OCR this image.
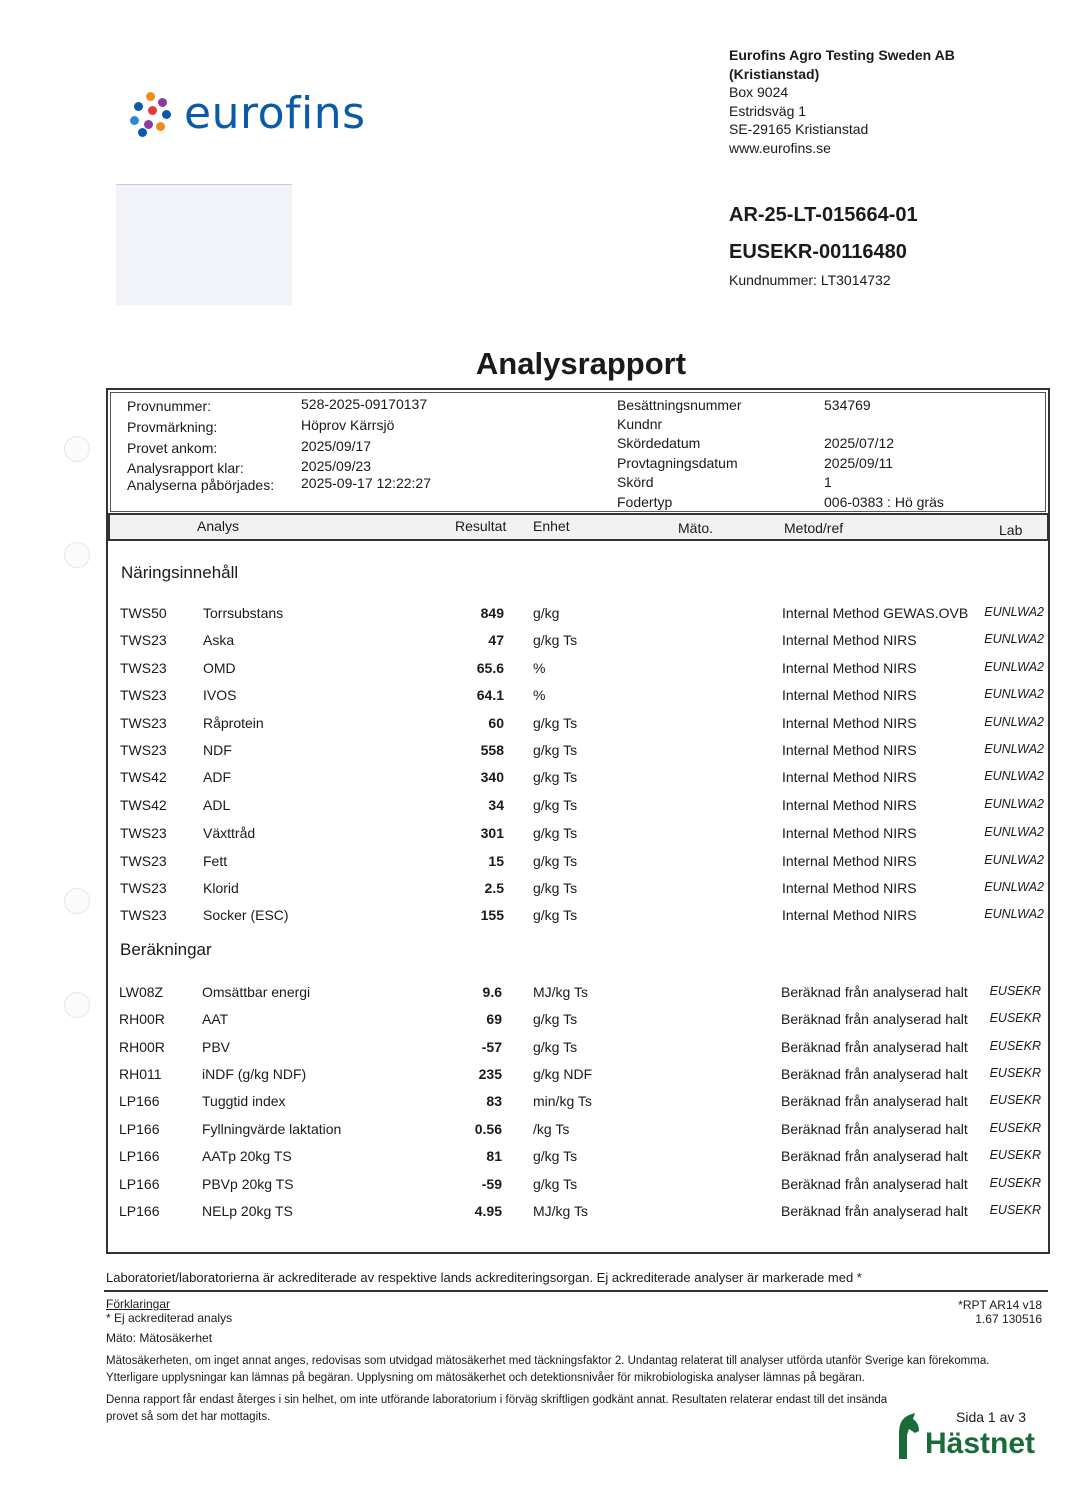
eurofins
Eurofins Agro Testing Sweden AB
(Kristianstad)
Box 9024
Estridsväg 1
SE-29165 Kristianstad
www.eurofins.se
AR-25-LT-015664-01
EUSEKR-00116480
Kundnummer: LT3014732
Analysrapport
Provnummer:	528-2025-09170137
Provmärkning:	Höprov Kärrsjö
Provet ankom:	2025/09/17
Analysrapport klar:	2025/09/23
Analyserna påbörjades: 2025-09-17 12:22:27
Besättningsnummer	534769
Kundnr
Skördedatum	2025/07/12
Provtagningsdatum	2025/09/11
Skörd	1
Fodertyp	006-0383 : Hö gräs
Analys	Resultat Enhet	Mäto.	Metod/ref	Lab
Näringsinnehåll
Beräkningar
TWS50	Torrsubstans	849 g/kg	Internal Method GEWAS.OVB	EUNLWA2
TWS23	Aska	47 g/kg Ts	Internal Method NIRS	EUNLWA2
TWS23	OMD	65.6 %	Internal Method NIRS	EUNLWA2
TWS23	IVOS	64.1 %	Internal Method NIRS	EUNLWA2
TWS23	Råprotein	60 g/kg Ts	Internal Method NIRS	EUNLWA2
TWS23	NDF	558 g/kg Ts	Internal Method NIRS	EUNLWA2
TWS42	ADF	340 g/kg Ts	Internal Method NIRS	EUNLWA2
TWS42	ADL	34 g/kg Ts	Internal Method NIRS	EUNLWA2
TWS23	Växttråd	301 g/kg Ts	Internal Method NIRS	EUNLWA2
TWS23	Fett	15 g/kg Ts	Internal Method NIRS	EUNLWA2
TWS23	Klorid	2.5 g/kg Ts	Internal Method NIRS	EUNLWA2
TWS23	Socker (ESC)	155 g/kg Ts	Internal Method NIRS	EUNLWA2
LW08Z	Omsättbar energi	9.6 MJ/kg Ts	Beräknad från analyserad halt	EUSEKR
RH00R	AAT	69 g/kg Ts	Beräknad från analyserad halt	EUSEKR
RH00R	PBV	-57 g/kg Ts	Beräknad från analyserad halt	EUSEKR
RH011	iNDF (g/kg NDF)	235 g/kg NDF	Beräknad från analyserad halt	EUSEKR
LP166	Tuggtid index	83 min/kg Ts	Beräknad från analyserad halt	EUSEKR
LP166	Fyllningvärde laktation	0.56 /kg Ts	Beräknad från analyserad halt	EUSEKR
LP166	AATp 20kg TS	81 g/kg Ts	Beräknad från analyserad halt	EUSEKR
LP166	PBVp 20kg TS	-59 g/kg Ts	Beräknad från analyserad halt	EUSEKR
LP166	NELp 20kg TS	4.95 MJ/kg Ts	Beräknad från analyserad halt	EUSEKR
Laboratoriet/laboratorierna är ackrediterade av respektive lands ackrediteringsorgan. Ej ackrediterade analyser är markerade med *
Förklaringar
* Ej ackrediterad analys
Mäto: Mätosäkerhet
*RPT AR14 v18
1.67 130516
Mätosäkerheten, om inget annat anges, redovisas som utvidgad mätosäkerhet med täckningsfaktor 2. Undantag relaterat till analyser utförda utanför Sverige kan förekomma. Ytterligare upplysningar kan lämnas på begäran. Upplysning om mätosäkerhet och detektionsnivåer för mikrobiologiska analyser lämnas på begäran.
Denna rapport får endast återges i sin helhet, om inte utförande laboratorium i förväg skriftligen godkänt annat. Resultaten relaterar endast till det insända provet så som det har mottagits.	Sida 1 av 3
Hästnet
